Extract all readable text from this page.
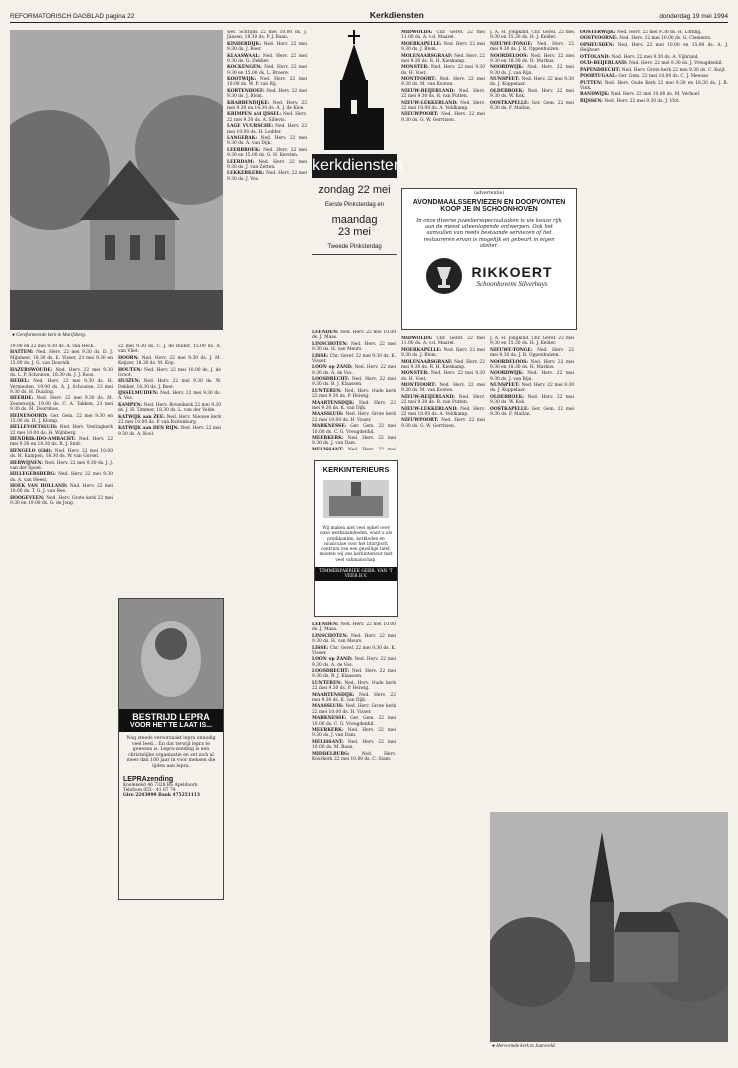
REFORMATORISCH DAGBLAD pagina 22	Kerkdiensten	donderdag 19 mei 1994
● Gereformeerde kerk te Marifsberg.

19.00 en 22 mei 9.30 ds. A. van Heck.

HATTEM: Ned. Herv. 22 mei 9.30 ds. D. J. Mijnheer, 18.30 ds. E. Visser, 23 mei 9.30 en 15.00 ds. J. G. van Doornik.

HAZERSWOUDE: Ned. Herv. 22 mei 9.30 ds. L. P. Schouten, 18.30 ds. J. J. Roos.

HEDEL: Ned. Herv. 22 mei 9.30 ds. H. Vermeulen, 19.00 ds. A. J. Schouten, 23 mei 9.30 ds. H. Duizing.

HEERDE: Ned. Herv. 22 mei 9.30 ds. M. Zeelenwijk, 19.00 ds. C. A. Takken, 23 mei 9.30 ds. M. Doornbos.

HEINENOORD: Ger. Gem. 22 mei 9.30 en 15.00 ds. H. J. Klomp.

HELLEVOETSLUIS: Ned. Herv. Vestingkerk 22 mei 10.00 ds. H. Wijnberg.

HENDRIK-IDO-AMBACHT: Ned. Herv. 22 mei 9.30 en 18.30 ds. R. J. Smit.

HENGELO (Gld): Ned. Herv. 22 mei 10.00 ds. H. Kampen, 18.30 ds. W. van Gorsel.

HERWIJNEN: Ned. Herv. 22 mei 9.30 ds. J. J. van der Spoel.

HILLEGERSBERG: Ned. Herv. 22 mei 9.30 ds. A. van Heest.

HOEK VAN HOLLAND: Ned. Herv. 22 mei 10.00 ds. T. G. J. van Ree.

HOOGEVEEN: Ned. Herv. Grote kerk 22 mei 9.30 en 19.00 ds. G. de Jong.

22 mei 9.30 ds. C. J. de Ruiter, 15.00 ds. A. van Vliet.

HOORN: Ned. Herv. 22 mei 9.30 ds. J. M. Keijzer, 18.30 ds. M. Kop.

HOUTEN: Ned. Herv. 22 mei 10.00 ds. J. de Groot.

HUIZEN: Ned. Herv. 22 mei 9.30 ds. W. Dekker, 18.30 ds. J. Boer.

IJSSELMUIDEN: Ned. Herv. 22 mei 9.30 ds. A. Vos.

KAMPEN: Ned. Herv. Bovenkerk 22 mei 9.30 ds. J. H. Timmer, 18.30 ds. L. van der Velde.

KATWIJK aan ZEE: Ned. Herv. Nieuwe kerk 22 mei 10.00 ds. P. van Ruitenburg.

KATWIJK aan DEN RIJN: Ned. Herv. 22 mei 9.30 ds. A. Kool.

BESTRIJD LEPRA
VOOR HET TE LAAT IS...
Nog steeds veroorzaakt lepra onnodig veel leed... En dat terwijl lepra te genezen is. Lepra-zending is een christelijke organisatie en zet zich al meer dan 100 jaar in voor mensen die lijden aan lepra.
LEPRAzending
Koolenesd 46 7328 BS Apeldoorn
Telefoon 055 - 41 67 74
Giro 2243999 Bank 475251113

wet. Schrijns 22 mei 10.00 ds. J. Jansen, 18.30 ds. P. J. Baan.

KINDERDIJK: Ned. Herv. 22 mei 9.30 ds. J. Boer.

KLAASWAAL: Ned. Herv. 22 mei 9.30 ds. G. Dekker.

KOCKENGEN: Ned. Herv. 22 mei 9.30 en 15.00 ds. L. Broere.

KOOTWIJK: Ned. Herv. 22 mei 10.00 ds. W. P. van Rij.

KORTENHOEF: Ned. Herv. 22 mei 9.30 ds. J. Blom.

KRABBENDIJKE: Ned. Herv. 22 mei 9.30 en 14.30 ds. A. J. de Kloe.

KRIMPEN a/d IJSSEL: Ned. Herv. 22 mei 9.30 ds. A. Sillevis.

LAGE VUURSCHE: Ned. Herv. 22 mei 10.00 ds. H. Lodder.

LANGERAK: Ned. Herv. 22 mei 9.30 ds. A. van Dijk.

LEERBROEK: Ned. Herv. 22 mei 9.30 en 15.00 ds. G. H. Kersten.

LEERDAM: Ned. Herv. 22 mei 9.30 ds. J. van Zetten.

LEKKERKERK: Ned. Herv. 22 mei 9.30 ds. J. Vos.

kerkdiensten
zondag 22 mei
Eerste Pinksterdag en
maandag
23 mei
Tweede Pinksterdag

LEENDEN: Ned. Herv. 22 mei 10.00 ds. J. Maas.

LINSCHOTEN: Ned. Herv. 22 mei 9.30 ds. H. van Meurs.

LISSE: Chr. Geref. 22 mei 9.30 ds. K. Visser.

LOON op ZAND: Ned. Herv. 22 mei 9.30 ds. A. de Vos.

LOOSDRECHT: Ned. Herv. 22 mei 9.30 ds. B. J. Klaassen.

LUNTEREN: Ned. Herv. Oude kerk 22 mei 9.30 ds. P. Heiwig.

MAARTENSDIJK: Ned. Herv. 22 mei 9.30 ds. K. van Dijk.

MAASSLUIS: Ned. Herv. Grote kerk 22 mei 10.00 ds. H. Visser.

MARKNESSE: Ger. Gem. 22 mei 10.00 ds. C. G. Vreugdenhil.

MEERKERK: Ned. Herv. 22 mei 9.30 ds. J. van Dam.

KERKINTERIEURS
Wij maken niet veel ophef over onze werkzaamheden, want u als predikanten, kerkleden en musiculae voor het liturgisch centrum van een gezellige tafel, moeten wij ons kerkinterieur met veel vakmanschap.
TIMMERFABRIEK GEBR. VAN 'T VEER B.V.

LEENDEN: Ned. Herv. 22 mei 10.00 ds. J. Maas.

LINSCHOTEN: Ned. Herv. 22 mei 9.30 ds. H. van Meurs.

LISSE: Chr. Geref. 22 mei 9.30 ds. K. Visser.

LOON op ZAND: Ned. Herv. 22 mei 9.30 ds. A. de Vos.

LOOSDRECHT: Ned. Herv. 22 mei 9.30 ds. B. J. Klaassen.

LUNTEREN: Ned. Herv. Oude kerk 22 mei 9.30 ds. P. Heiwig.

MAARTENSDIJK: Ned. Herv. 22 mei 9.30 ds. K. van Dijk.

MAASSLUIS: Ned. Herv. Grote kerk 22 mei 10.00 ds. H. Visser.

MARKNESSE: Ger. Gem. 22 mei 10.00 ds. C. G. Vreugdenhil.

MEERKERK: Ned. Herv. 22 mei 9.30 ds. J. van Dam.

MELISSANT: Ned. Herv. 22 mei 10.00 ds. M. Baan.

MIDDELBURG: Ned. Herv. Koorkerk 22 mei 10.00 ds. C. Stam.

MIDWOLDA: Chr. Geref. 22 mei 11.00 ds. A. v.d. Maarel.

MOERKAPELLE: Ned. Herv. 22 mei 9.30 ds. J. Blom.

MOLENAARSGRAAF: Ned. Herv. 22 mei 9.30 ds. R. H. Kieskamp.

MONSTER: Ned. Herv. 22 mei 9.30 ds. H. Voet.

MONTFOORT: Ned. Herv. 22 mei 9.30 ds. M. van Kooten.

NIEUW-BEIJERLAND: Ned. Herv. 22 mei 9.30 ds. R. van Putten.

NIEUW-LEKKERLAND: Ned. Herv. 22 mei 10.00 ds. A. Veldkamp.

NIEUWPOORT: Ned. Herv. 22 mei 9.30 ds. G. W. Gerritsen.

J. A. H. Jongkind, Chr. Geref. 22 mei 9.30 en 15.30 ds. H. J. Kelder.

NIEUWE-TONGE: Ned. Herv. 22 mei 9.30 ds. J. R. Oppenhuizen.

NOORDELOOS: Ned. Herv. 22 mei 9.30 en 18.30 ds. H. Markus.

NOORDWIJK: Ned. Herv. 22 mei 9.30 ds. J. van Rijn.

NUNSPEET: Ned. Herv. 22 mei 9.30 ds. J. Koppelaar.

OLDEBROEK: Ned. Herv. 22 mei 9.30 ds. W. Kok.

OOSTKAPELLE: Ger. Gem. 22 mei 9.30 ds. F. Mallan.

(advertentie)
AVONDMAALSSERVIEZEN EN DOOPVONTEN KOOP JE IN SCHOONHOVEN
In onze diverse juweliersspeciaalzaken is uw keuze rijk aan de meest uiteenlopende ontwerpen. Ook het aanvullen van reeds bestaande serviezen of het restaureren ervan is mogelijk en gebeurt in eigen atelier.
RIKKOERT
Schoonhovens Silverhuys

MIDWOLDA: Chr. Geref. 22 mei 11.00 ds. A. v.d. Maarel.

MOERKAPELLE: Ned. Herv. 22 mei 9.30 ds. J. Blom.

MOLENAARSGRAAF: Ned. Herv. 22 mei 9.30 ds. R. H. Kieskamp.

MONSTER: Ned. Herv. 22 mei 9.30 ds. H. Voet.

MONTFOORT: Ned. Herv. 22 mei 9.30 ds. M. van Kooten.

NIEUW-BEIJERLAND: Ned. Herv. 22 mei 9.30 ds. R. van Putten.

NIEUW-LEKKERLAND: Ned. Herv. 22 mei 10.00 ds. A. Veldkamp.

NIEUWPOORT: Ned. Herv. 22 mei 9.30 ds. G. W. Gerritsen.

J. A. H. Jongkind, Chr. Geref. 22 mei 9.30 en 15.30 ds. H. J. Kelder.

NIEUWE-TONGE: Ned. Herv. 22 mei 9.30 ds. J. R. Oppenhuizen.

NOORDELOOS: Ned. Herv. 22 mei 9.30 en 18.30 ds. H. Markus.

NOORDWIJK: Ned. Herv. 22 mei 9.30 ds. J. van Rijn.

NUNSPEET: Ned. Herv. 22 mei 9.30 ds. J. Koppelaar.

OLDEBROEK: Ned. Herv. 22 mei 9.30 ds. W. Kok.

OOSTKAPELLE: Ger. Gem. 22 mei 9.30 ds. F. Mallan.

OOSTERWIJK: Ned. Herv. 22 mei 9.30 ds. H. Loffing.

OOSTVOORNE: Ned. Herv. 22 mei 10.00 ds. G. Clements.

OPHEUSDEN: Ned. Herv. 22 mei 10.00 en 15.00 ds. A. J. Heijboer.

OTTOLAND: Ned. Herv. 22 mei 9.30 ds. A. Vijbrand.

OUD-BEIJERLAND: Ned. Herv. 22 mei 9.30 ds. J. Vreugdenhil.

PAPENDRECHT: Ned. Herv. Grote kerk 22 mei 9.30 ds. C. Kuijt.

POORTUGAAL: Ger. Gem. 22 mei 10.00 ds. C. J. Meeuse.

PUTTEN: Ned. Herv. Oude Kerk 22 mei 9.30 en 18.30 ds. J. B. Vink.

RANDWIJK: Ned. Herv. 22 mei 10.00 ds. M. Verhoef.

RIJSSEN: Ned. Herv. 22 mei 9.30 ds. J. Vlot.

● Hervormde kerk te Jaarsveld.
